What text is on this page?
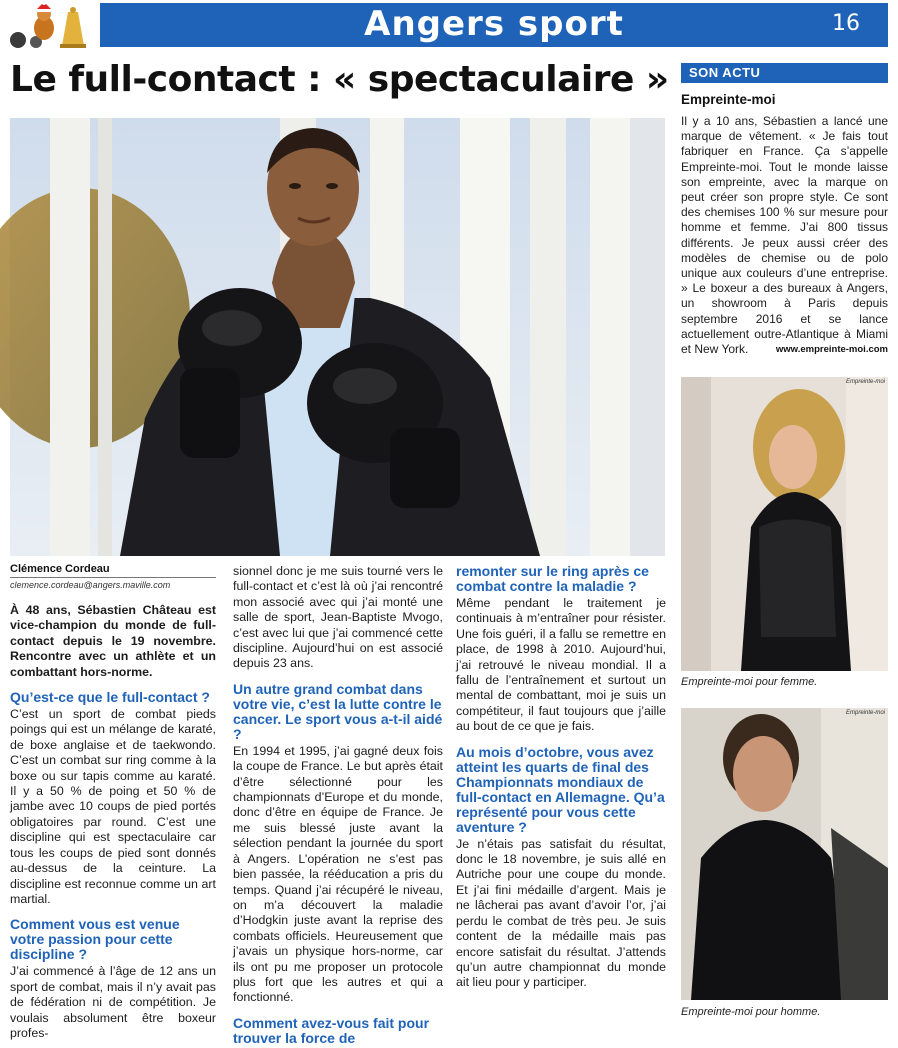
Angers sport	16
Le full-contact : « spectaculaire »
Clémence Cordeau
clemence.cordeau@angers.maville.com

À 48 ans, Sébastien Château est vice-champion du monde de full-contact depuis le 19 novembre. Rencontre avec un athlète et un combattant hors-norme.

Qu’est-ce que le full-contact ?

C’est un sport de combat pieds poings qui est un mélange de karaté, de boxe anglaise et de taekwondo. C’est un combat sur ring comme à la boxe ou sur tapis comme au karaté. Il y a 50 % de poing et 50 % de jambe avec 10 coups de pied portés obligatoires par round. C’est une discipline qui est spectaculaire car tous les coups de pied sont donnés au-dessus de la ceinture. La discipline est reconnue comme un art martial.

Comment vous est venue votre passion pour cette discipline ?

J’ai commencé à l’âge de 12 ans un sport de combat, mais il n’y avait pas de fédération ni de compétition. Je voulais absolument être boxeur profes-

sionnel donc je me suis tourné vers le full-contact et c’est là où j’ai rencontré mon associé avec qui j’ai monté une salle de sport, Jean-Baptiste Mvogo, c’est avec lui que j’ai commencé cette discipline. Aujourd’hui on est associé depuis 23 ans.

Un autre grand combat dans votre vie, c’est la lutte contre le cancer. Le sport vous a-t-il aidé ?

En 1994 et 1995, j’ai gagné deux fois la coupe de France. Le but après était d’être sélectionné pour les championnats d’Europe et du monde, donc d’être en équipe de France. Je me suis blessé juste avant la sélection pendant la journée du sport à Angers. L’opération ne s’est pas bien passée, la rééducation a pris du temps. Quand j’ai récupéré le niveau, on m’a découvert la maladie d’Hodgkin juste avant la reprise des combats officiels. Heureusement que j’avais un physique hors-norme, car ils ont pu me proposer un protocole plus fort que les autres et qui a fonctionné.

Comment avez-vous fait pour trouver la force de
remonter sur le ring après ce combat contre la maladie ?

Même pendant le traitement je continuais à m’entraîner pour résister. Une fois guéri, il a fallu se remettre en place, de 1998 à 2010. Aujourd’hui, j’ai retrouvé le niveau mondial. Il a fallu de l’entraînement et surtout un mental de combattant, moi je suis un compétiteur, il faut toujours que j’aille au bout de ce que je fais.

Au mois d’octobre, vous avez atteint les quarts de final des Championnats mondiaux de full-contact en Allemagne. Qu’a représenté pour vous cette aventure ?

Je n’étais pas satisfait du résultat, donc le 18 novembre, je suis allé en Autriche pour une coupe du monde. Et j’ai fini médaille d’argent. Mais je ne lâcherai pas avant d’avoir l’or, j’ai perdu le combat de très peu. Je suis content de la médaille mais pas encore satisfait du résultat. J’attends qu’un autre championnat du monde ait lieu pour y participer.

SON ACTU
Empreinte-moi
Il y a 10 ans, Sébastien a lancé une marque de vêtement. « Je fais tout fabriquer en France. Ça s’appelle Empreinte-moi. Tout le monde laisse son empreinte, avec la marque on peut créer son propre style. Ce sont des chemises 100 % sur mesure pour homme et femme. J’ai 800 tissus différents. Je peux aussi créer des modèles de chemise ou de polo unique aux couleurs d’une entreprise. » Le boxeur a des bureaux à Angers, un showroom à Paris depuis septembre 2016 et se lance actuellement outre-Atlantique à Miami et New York.	www.empreinte-moi.com
Empreinte-moi
Empreinte-moi pour femme.
Empreinte-moi
Empreinte-moi pour homme.
